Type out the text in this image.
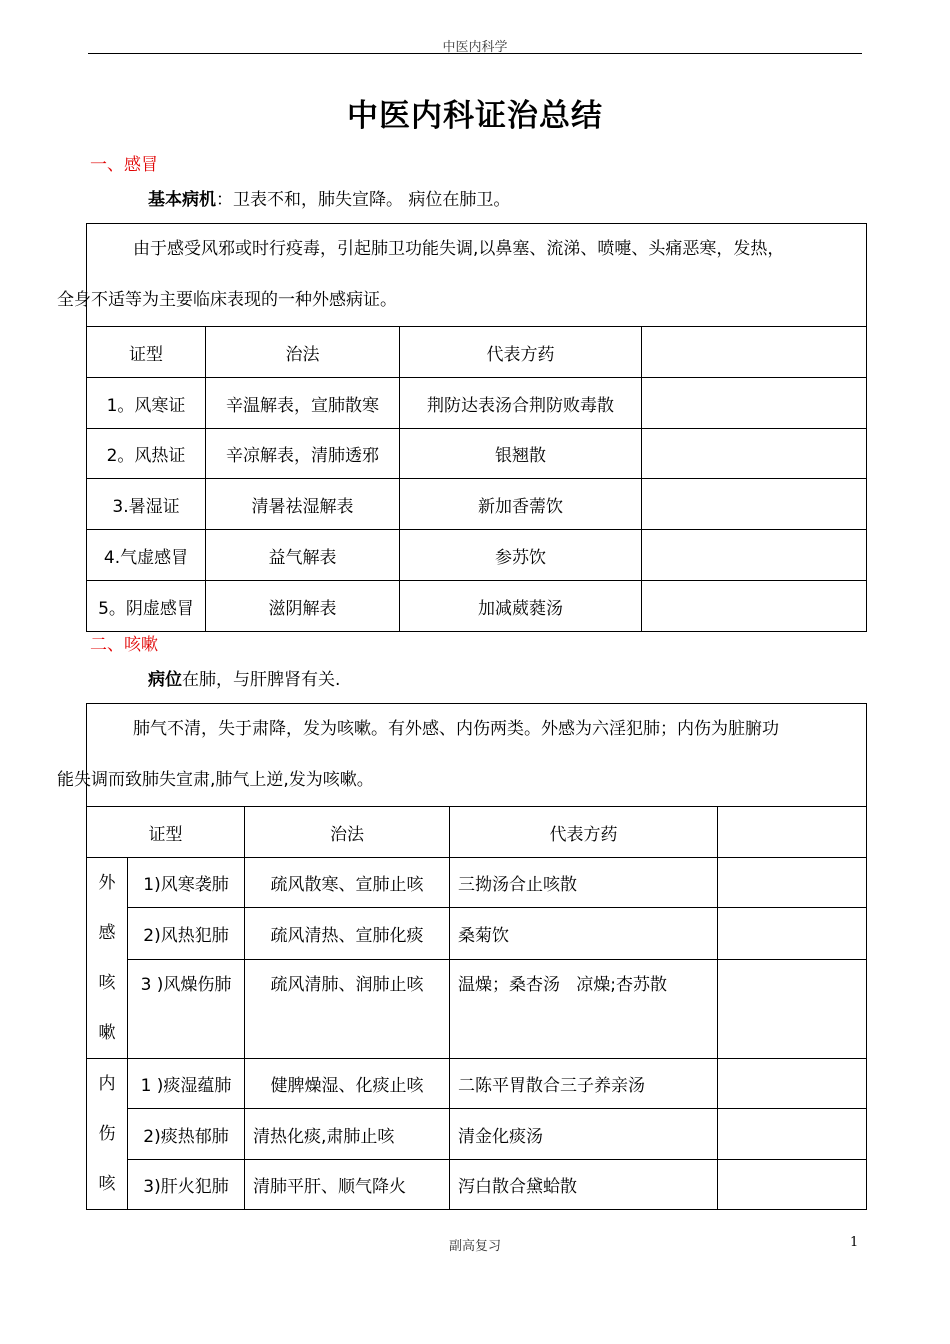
中医内科学
中医内科证治总结
一、感冒
基本病机：卫表不和，肺失宣降。 病位在肺卫。
由于感受风邪或时行疫毒，引起肺卫功能失调,以鼻塞、流涕、喷嚏、头痛恶寒，发热，
全身不适等为主要临床表现的一种外感病证。			
证型	治法	代表方药	
1。风寒证	辛温解表，宣肺散寒	荆防达表汤合荆防败毒散	
2。风热证	辛凉解表，清肺透邪	银翘散	
3.暑湿证	清暑祛湿解表	新加香薷饮	
4.气虚感冒	益气解表	参苏饮	
5。阴虚感冒	滋阴解表	加减葳蕤汤	
二、咳嗽
病位在肺，与肝脾肾有关.
肺气不清，失于肃降，发为咳嗽。有外感、内伤两类。外感为六淫犯肺；内伤为脏腑功
能失调而致肺失宣肃,肺气上逆,发为咳嗽。				
证型		治法	代表方药	

外
感
咳
嗽	1)风寒袭肺	疏风散寒、宣肺止咳	三拗汤合止咳散	
	2)风热犯肺	疏风清热、宣肺化痰	桑菊饮	
	3 )风燥伤肺	疏风清肺、润肺止咳	温燥；桑杏汤   凉燥;杏苏散	

内
伤
咳	1 )痰湿蕴肺	健脾燥湿、化痰止咳	二陈平胃散合三子养亲汤	
	2)痰热郁肺	清热化痰,肃肺止咳	清金化痰汤	
	3)肝火犯肺	清肺平肝、顺气降火	泻白散合黛蛤散	
副高复习	1
